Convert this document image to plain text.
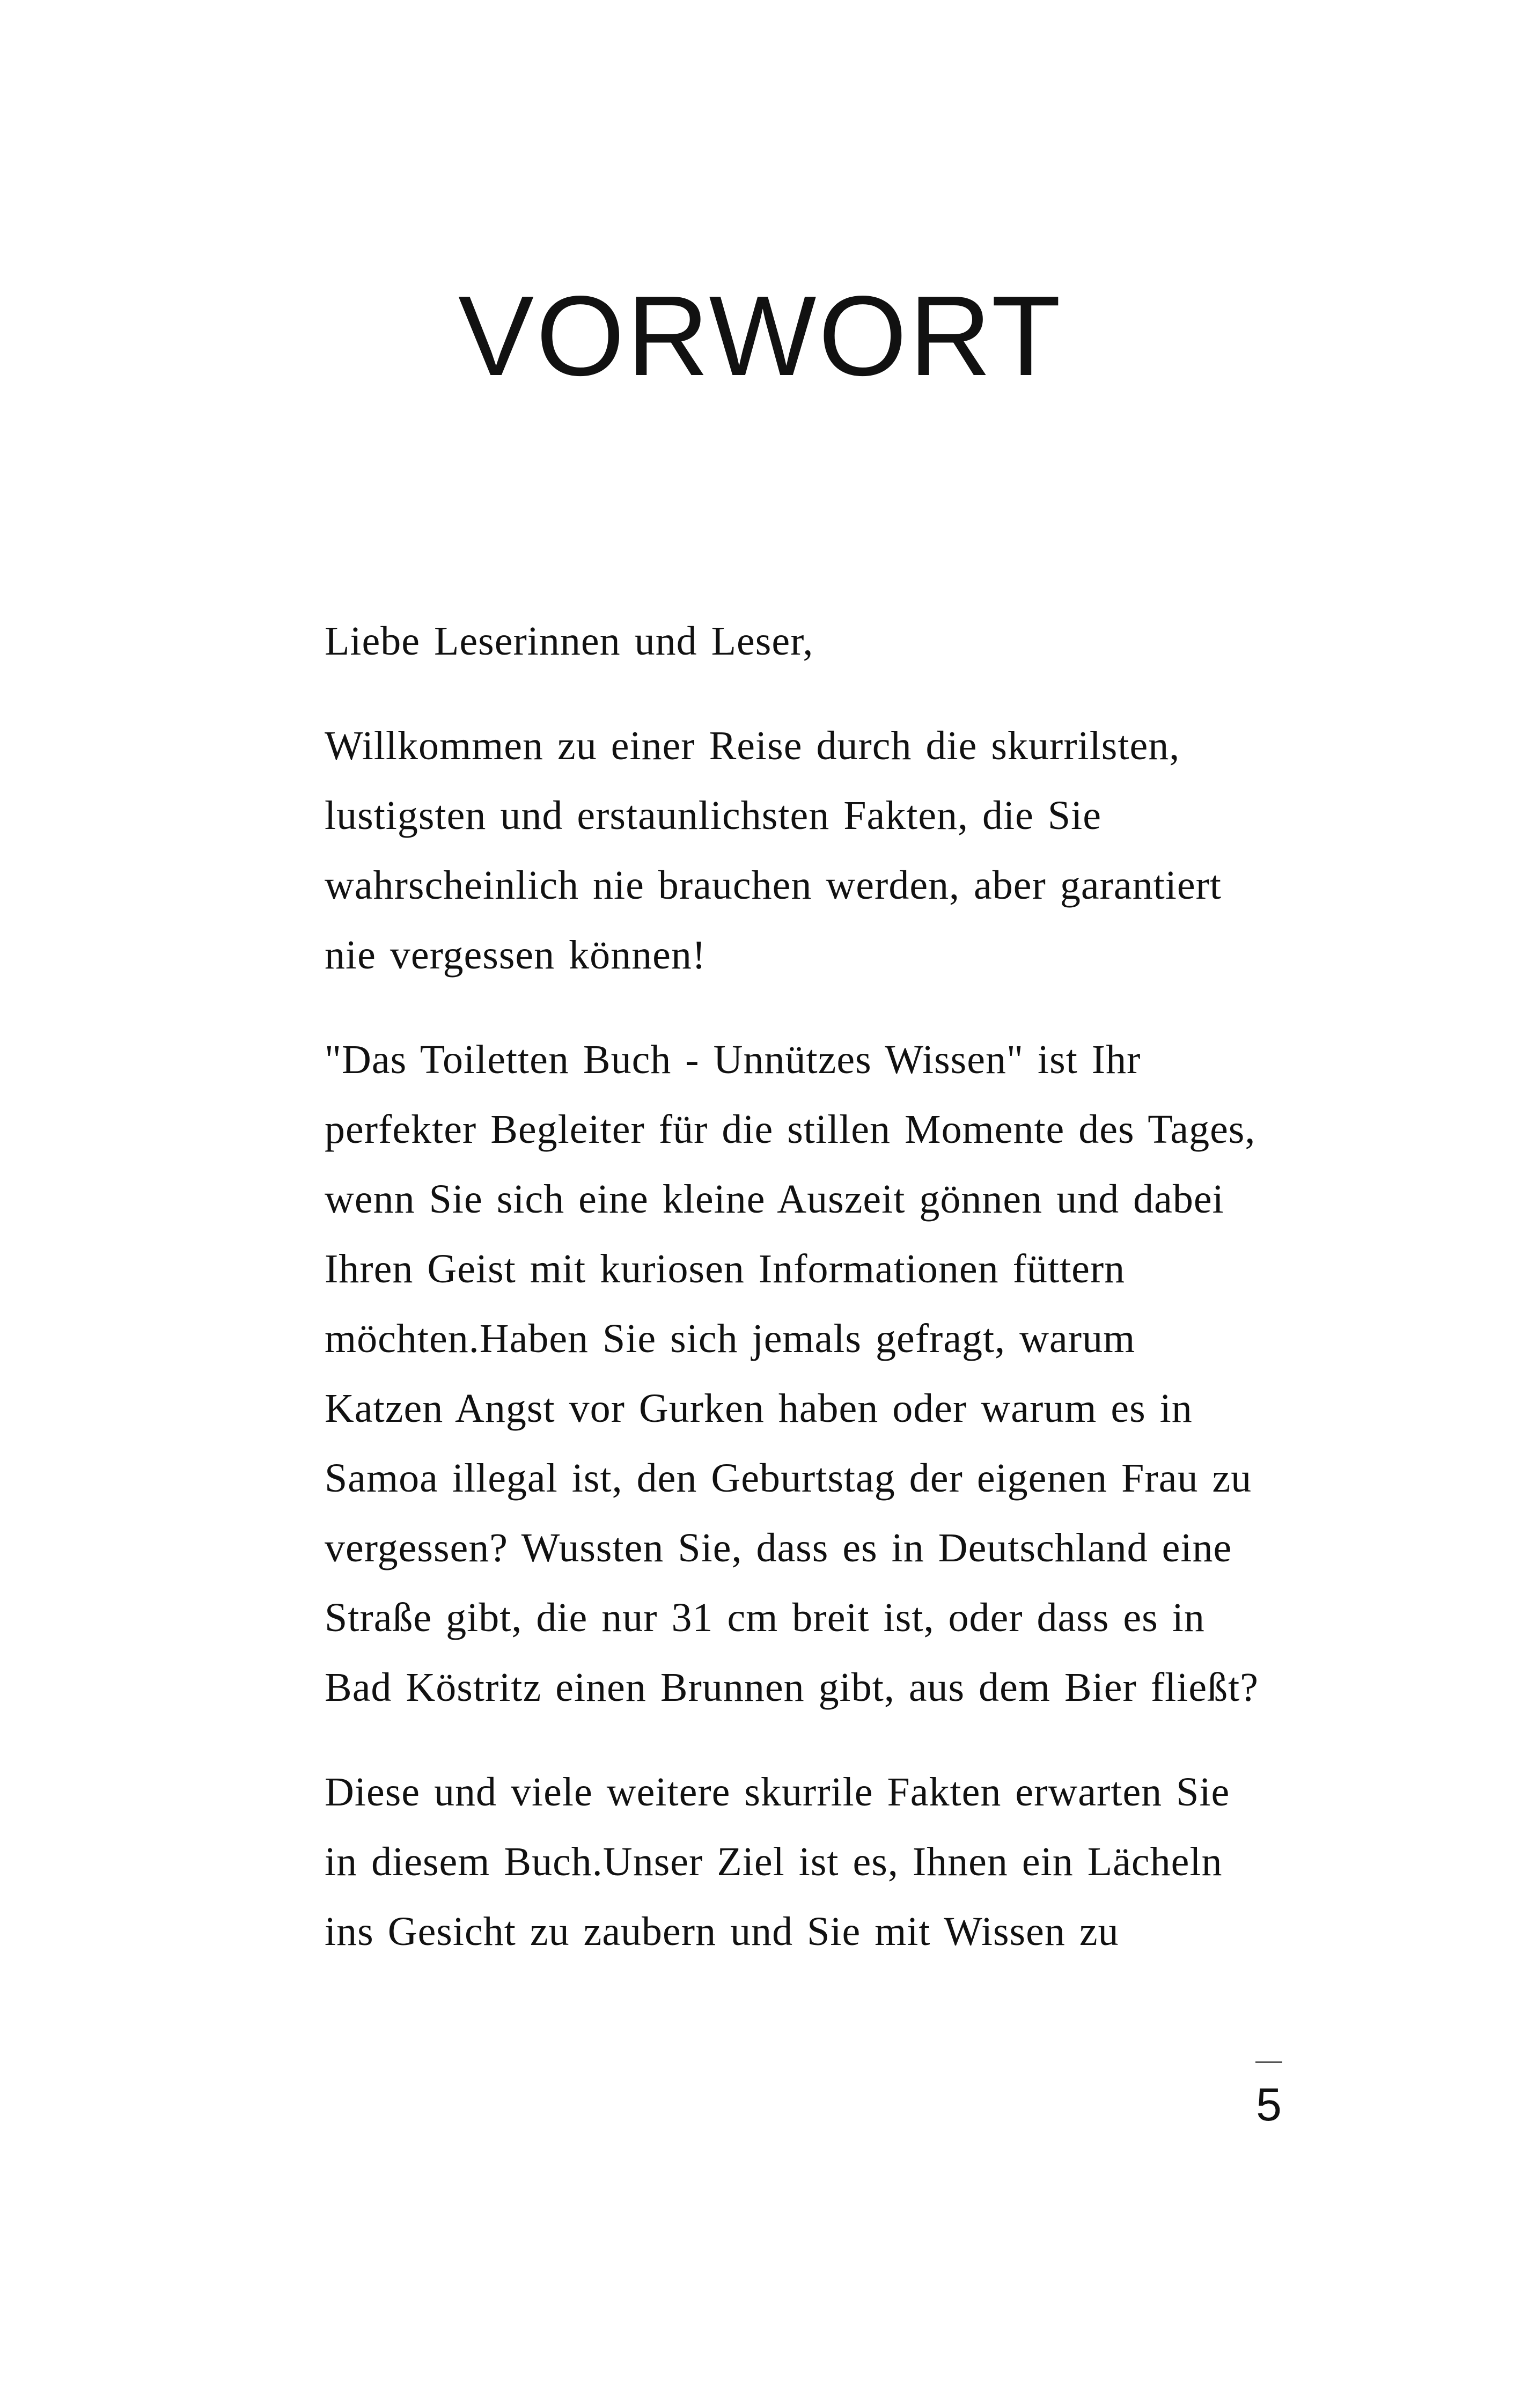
VORWORT
Liebe Leserinnen und Leser,
Willkommen zu einer Reise durch die skurrilsten,
lustigsten und erstaunlichsten Fakten, die Sie
wahrscheinlich nie brauchen werden, aber garantiert
nie vergessen können!
"Das Toiletten Buch - Unnützes Wissen" ist Ihr
perfekter Begleiter für die stillen Momente des Tages,
wenn Sie sich eine kleine Auszeit gönnen und dabei
Ihren Geist mit kuriosen Informationen füttern
möchten.Haben Sie sich jemals gefragt, warum
Katzen Angst vor Gurken haben oder warum es in
Samoa illegal ist, den Geburtstag der eigenen Frau zu
vergessen? Wussten Sie, dass es in Deutschland eine
Straße gibt, die nur 31 cm breit ist, oder dass es in
Bad Köstritz einen Brunnen gibt, aus dem Bier fließt?
Diese und viele weitere skurrile Fakten erwarten Sie
in diesem Buch.Unser Ziel ist es, Ihnen ein Lächeln
ins Gesicht zu zaubern und Sie mit Wissen zu
5
